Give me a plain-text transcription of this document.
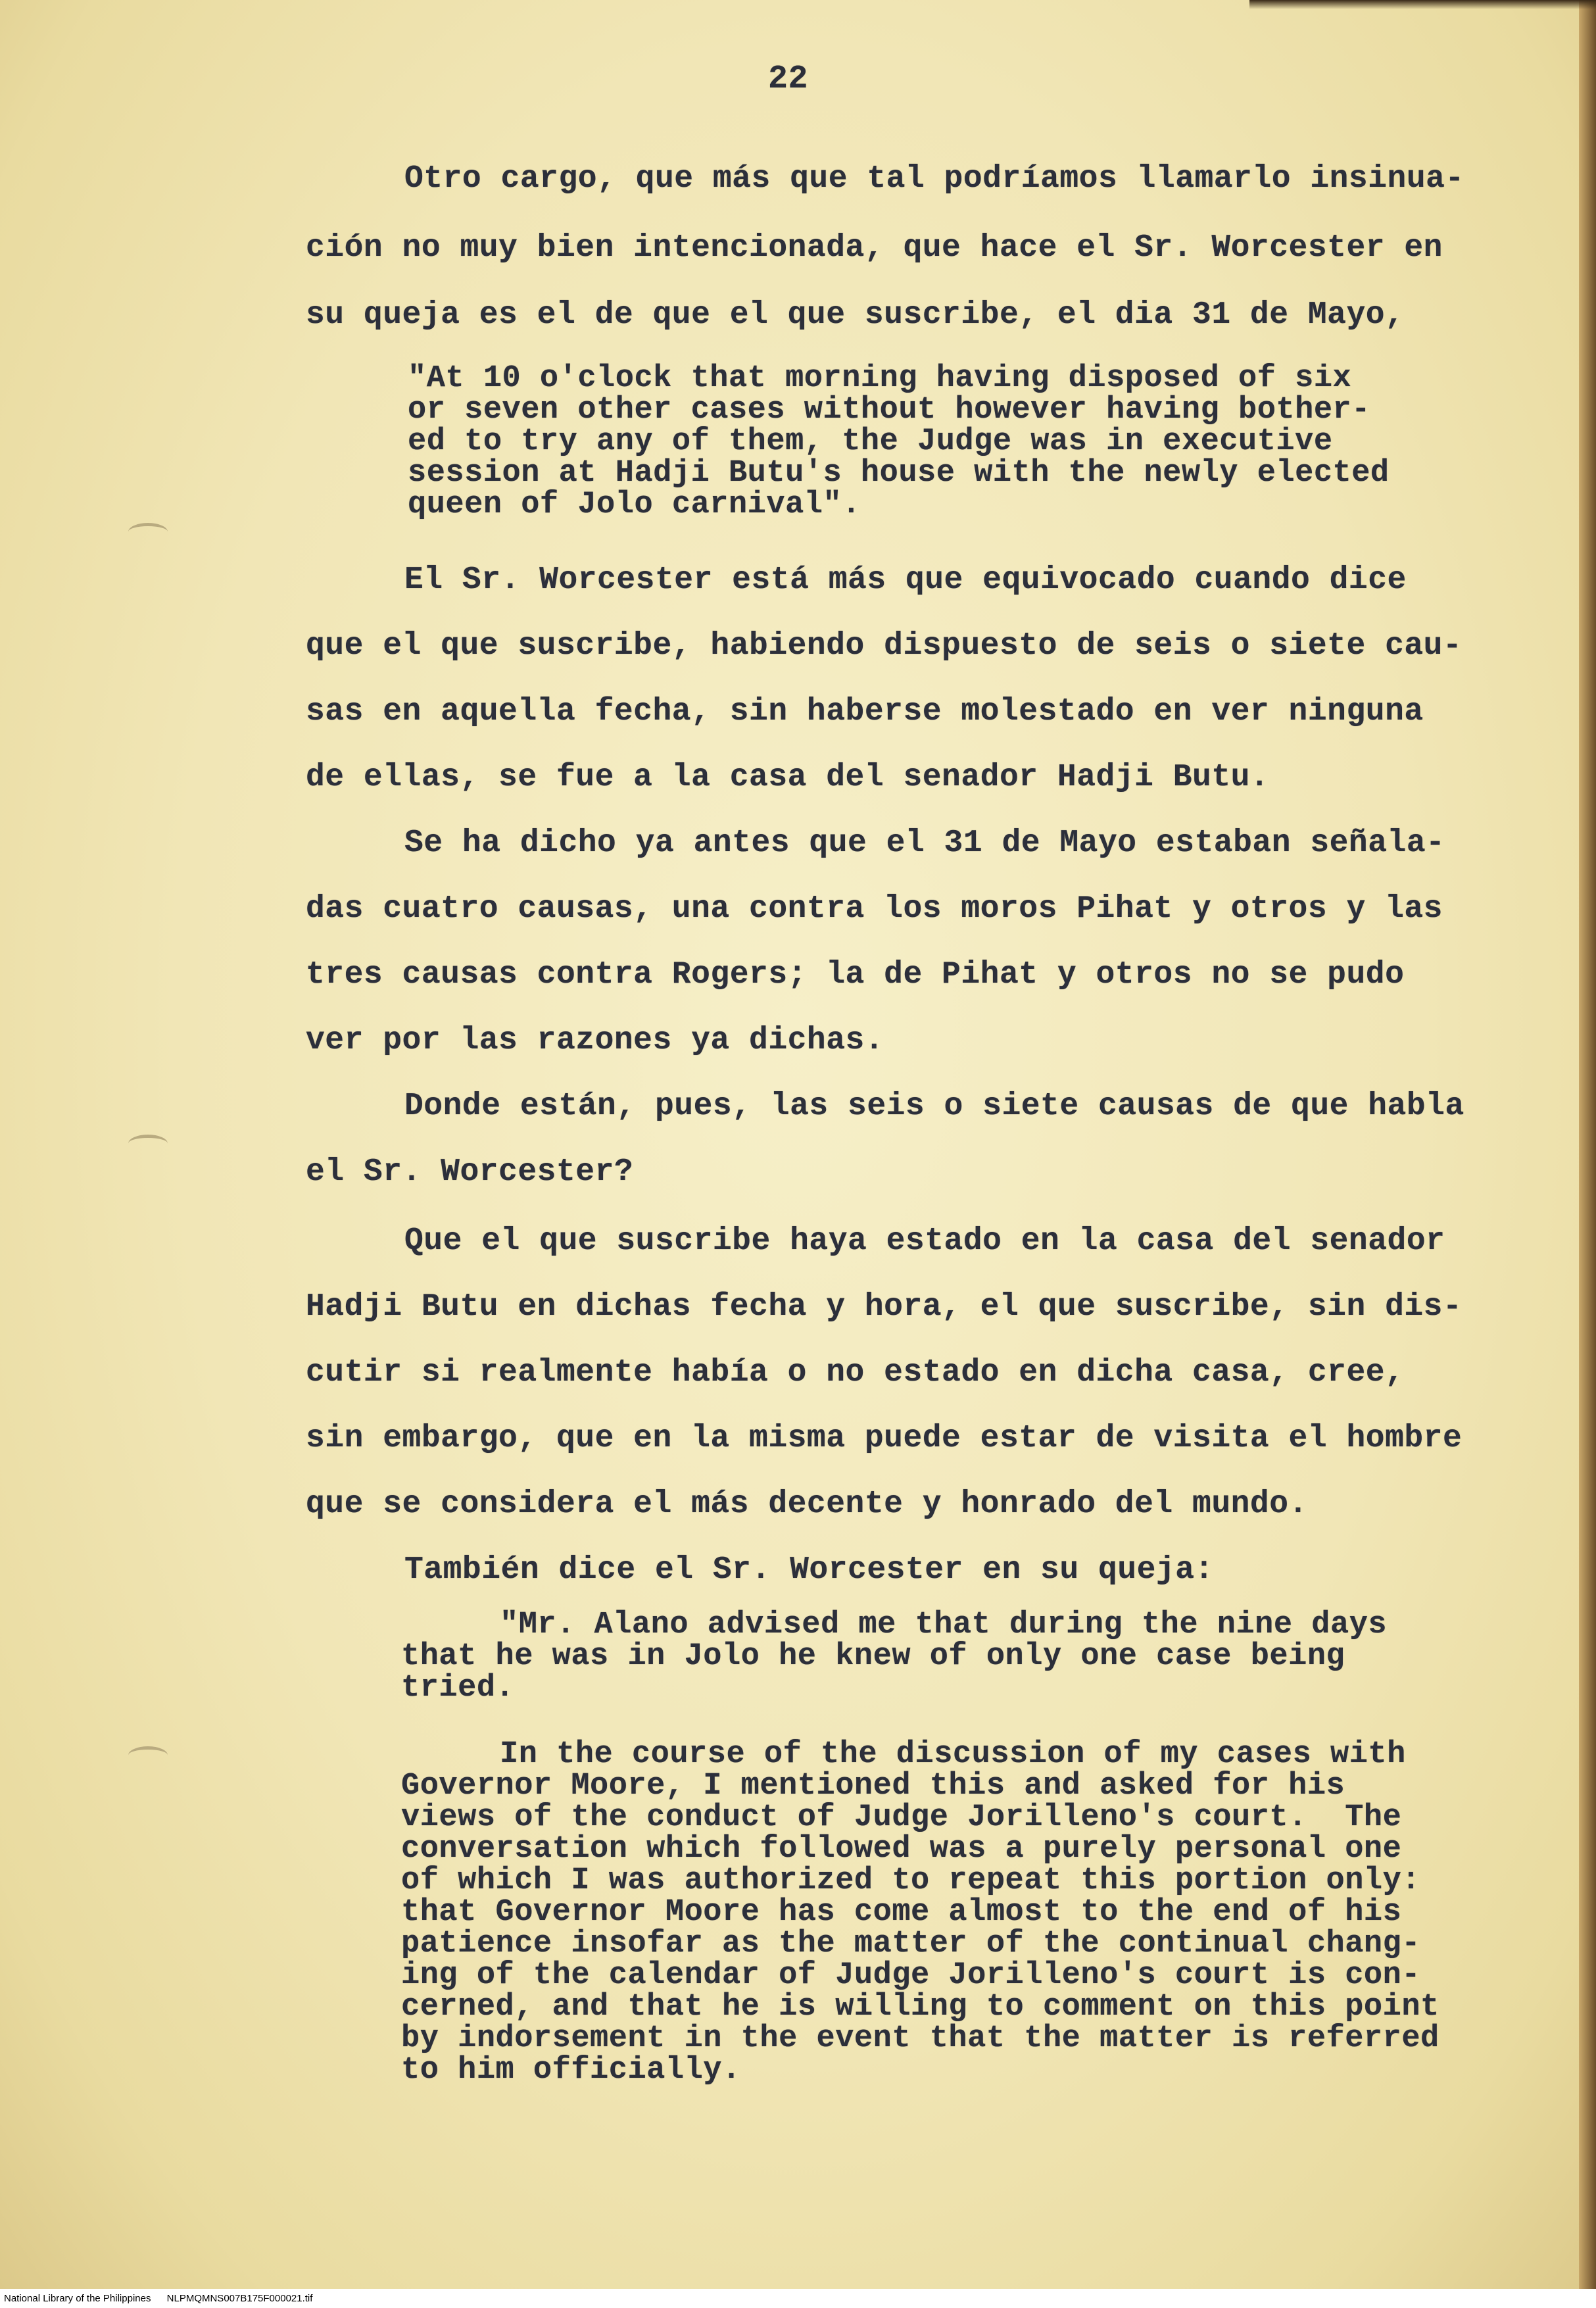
22
Otro cargo, que más que tal podríamos llamarlo insinua-
ción no muy bien intencionada, que hace el Sr. Worcester en
su queja es el de que el que suscribe, el dia 31 de Mayo,
"At 10 o'clock that morning having disposed of six
or seven other cases without however having bother-
ed to try any of them, the Judge was in executive
session at Hadji Butu's house with the newly elected
queen of Jolo carnival".
El Sr. Worcester está más que equivocado cuando dice
que el que suscribe, habiendo dispuesto de seis o siete cau-
sas en aquella fecha, sin haberse molestado en ver ninguna
de ellas, se fue a la casa del senador Hadji Butu.
Se ha dicho ya antes que el 31 de Mayo estaban señala-
das cuatro causas, una contra los moros Pihat y otros y las
tres causas contra Rogers; la de Pihat y otros no se pudo
ver por las razones ya dichas.
Donde están, pues, las seis o siete causas de que habla
el Sr. Worcester?
Que el que suscribe haya estado en la casa del senador
Hadji Butu en dichas fecha y hora, el que suscribe, sin dis-
cutir si realmente había o no estado en dicha casa, cree,
sin embargo, que en la misma puede estar de visita el hombre
que se considera el más decente y honrado del mundo.
También dice el Sr. Worcester en su queja:
"Mr. Alano advised me that during the nine days
that he was in Jolo he knew of only one case being
tried.
In the course of the discussion of my cases with
Governor Moore, I mentioned this and asked for his
views of the conduct of Judge Jorilleno's court.  The
conversation which followed was a purely personal one
of which I was authorized to repeat this portion only:
that Governor Moore has come almost to the end of his
patience insofar as the matter of the continual chang-
ing of the calendar of Judge Jorilleno's court is con-
cerned, and that he is willing to comment on this point
by indorsement in the event that the matter is referred
to him officially.
National Library of the Philippines NLPMQMNS007B175F000021.tif
